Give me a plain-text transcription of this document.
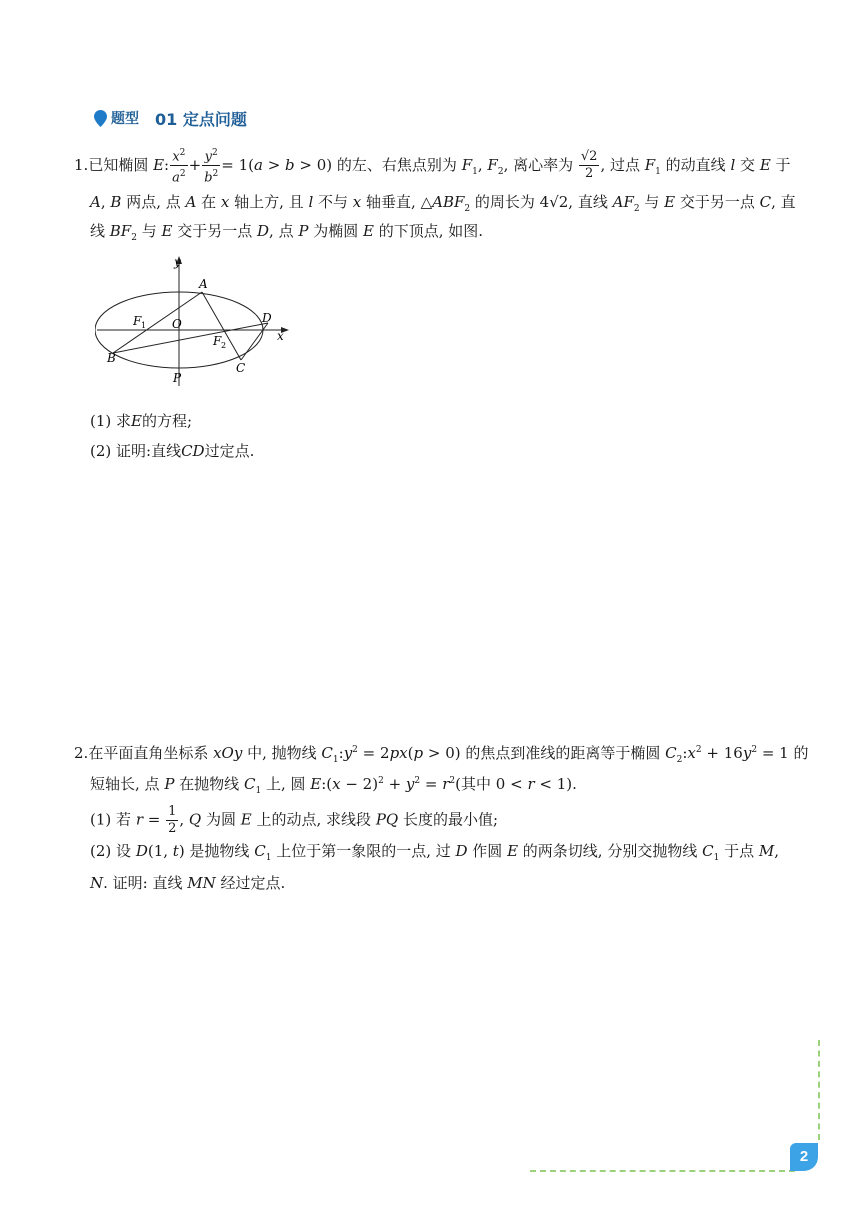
题型 01 定点问题
1.已知椭圆 E: $\frac{x^2}{a^2} + \frac{y^2}{b^2} = 1(a > b > 0)$ 的左、右焦点别为 $F_1$, $F_2$, 离心率为 $\frac{√2}{2}$ , 过点 $F_1$ 的动直线 l 交 E 于
A, B 两点, 点 A 在 x 轴上方, 且 l 不与 x 轴垂直, $\triangle ABF_2$ 的周长为 4√2, 直线 $AF_2$ 与 E 交于另一点 C, 直
线 $BF_2$ 与 E 交于另一点 D, 点 P 为椭圆 E 的下顶点, 如图.
y
A
O	D
F 1
F 2
x
B
C
P
(1) 求E的方程;
(2) 证明:直线CD过定点.
2.在平面直角坐标系 xOy 中, 抛物线 $C_1:y^2 = 2px(p > 0)$ 的焦点到准线的距离等于椭圆 $C_2:x^2 + 16y^2 = 1$ 的
短轴长, 点 P 在抛物线 $C_1$ 上, 圆 E:(x − $2)^2 + y^2 = r^2$(其中 0 < r < 1).
(1) 若 $r = \frac{1}{2}$ , Q 为圆 E 上的动点, 求线段 PQ 长度的最小值;
(2) 设 D(1, t) 是抛物线 $C_1$ 上位于第一象限的一点, 过 D 作圆 E 的两条切线, 分别交抛物线 $C_1$ 于点 M,
N. 证明: 直线 MN 经过定点.
2
